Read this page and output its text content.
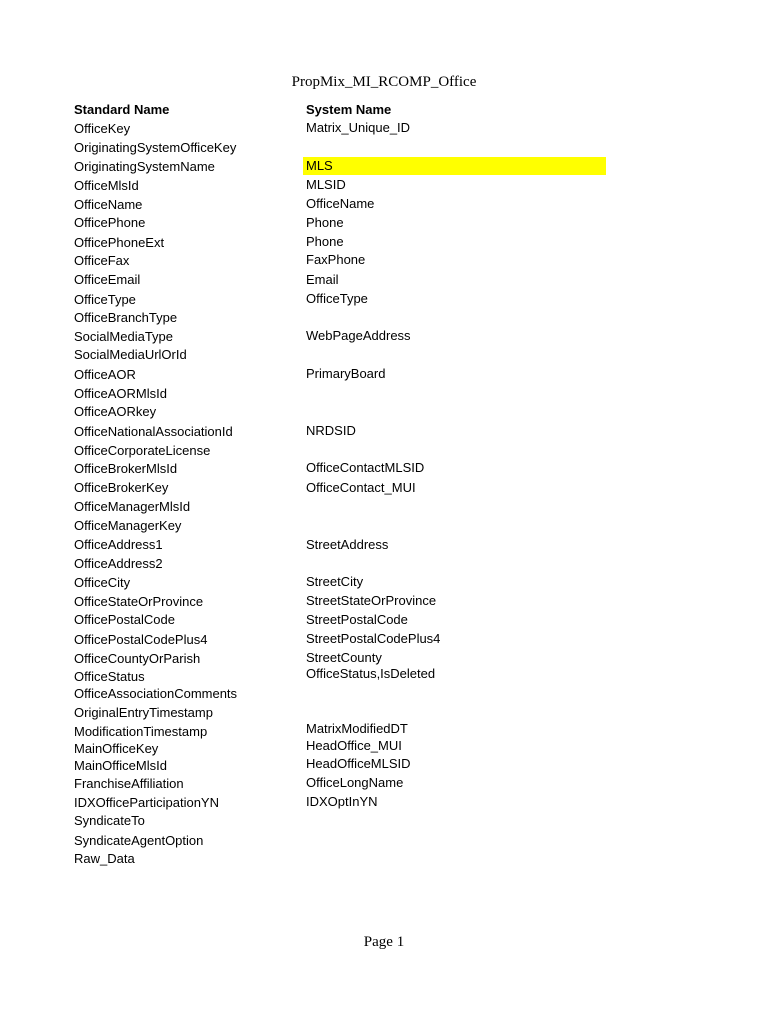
PropMix_MI_RCOMP_Office
Standard Name	System Name
OfficeKey
OriginatingSystemOfficeKey
OriginatingSystemName
OfficeMlsId
OfficeName
OfficePhone
OfficePhoneExt
OfficeFax
OfficeEmail
OfficeType
OfficeBranchType
SocialMediaType
SocialMediaUrlOrId
OfficeAOR
OfficeAORMlsId
OfficeAORkey
OfficeNationalAssociationId
OfficeCorporateLicense
OfficeBrokerMlsId
OfficeBrokerKey
OfficeManagerMlsId
OfficeManagerKey
OfficeAddress1
OfficeAddress2
OfficeCity
OfficeStateOrProvince
OfficePostalCode
OfficePostalCodePlus4
OfficeCountyOrParish
OfficeStatus
OfficeAssociationComments
OriginalEntryTimestamp
ModificationTimestamp
MainOfficeKey
MainOfficeMlsId
FranchiseAffiliation
IDXOfficeParticipationYN
SyndicateTo
SyndicateAgentOption
Raw_Data
Matrix_Unique_ID
MLS
MLSID
OfficeName
Phone
Phone
FaxPhone
Email
OfficeType
WebPageAddress
PrimaryBoard
NRDSID
OfficeContactMLSID
OfficeContact_MUI
StreetAddress
StreetCity
StreetStateOrProvince
StreetPostalCode
StreetPostalCodePlus4
StreetCounty
OfficeStatus,IsDeleted
MatrixModifiedDT
HeadOffice_MUI
HeadOfficeMLSID
OfficeLongName
IDXOptInYN
Page 1
